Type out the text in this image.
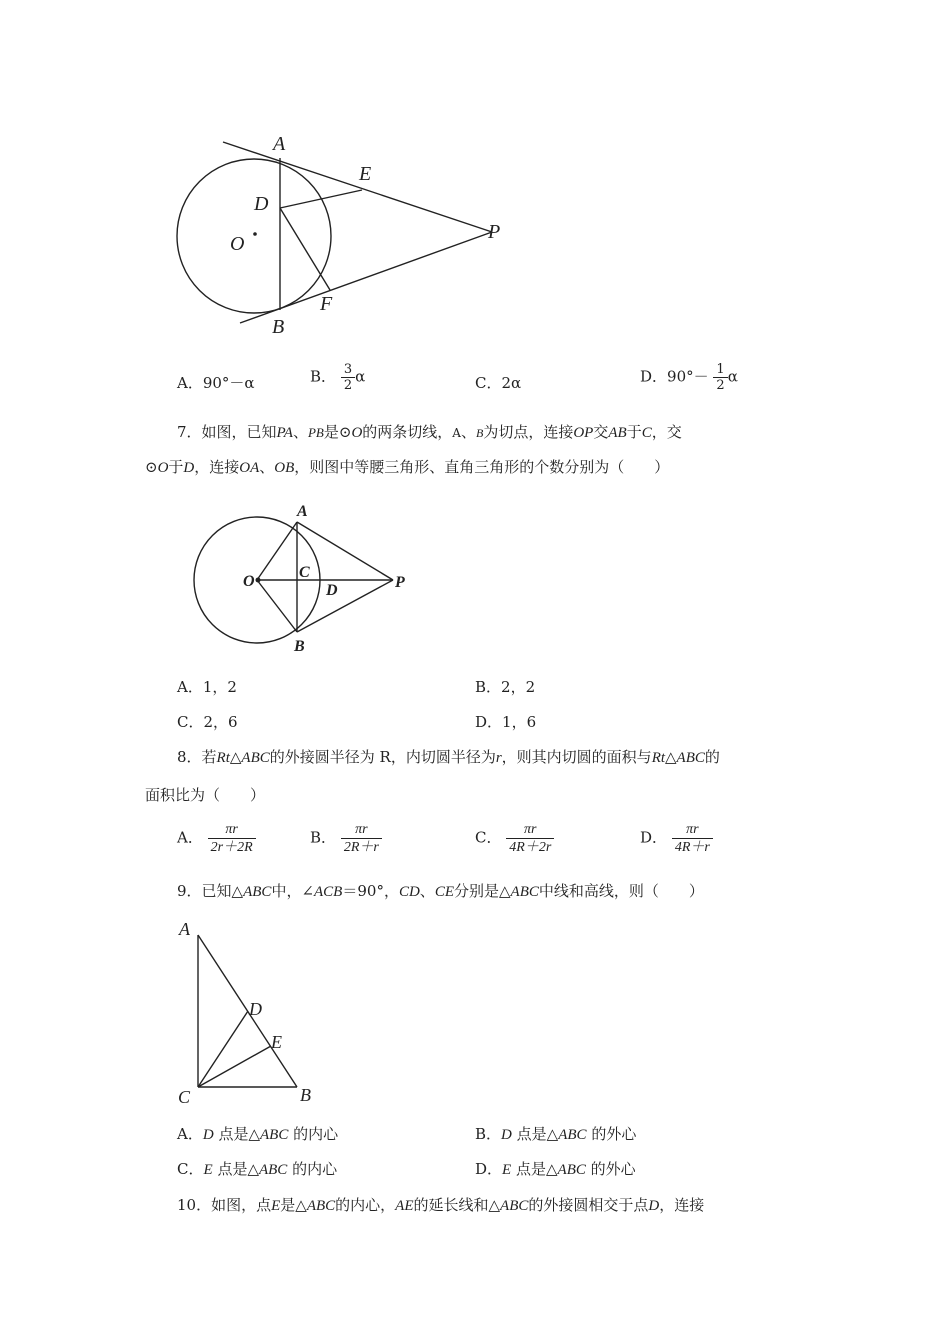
A
E
D
O
P
F
B
A．90°－α	B． $\frac{3}{2}$ α	C．2α	D．$90^\circ- \frac{1}{2}$ α
7．如图，已知PA、PB是⊙O的两条切线，A、B为切点，连接OP交AB于C，交
⊙O于D，连接OA、OB，则图中等腰三角形、直角三角形的个数分别为（　　）
A
O
C
D	P
B
A．1，2	B．2，2
C．2，6	D．1，6
8．若Rt△ABC的外接圆半径为 R，内切圆半径为r，则其内切圆的面积与Rt△ABC的
面积比为（　　）
A． $\frac{\pi r}{2r+2R}$	B． $\frac{\pi r}{2R+r}$	C． $\frac{\pi r}{4R+2r}$	D． $\frac{\pi r}{4R+r}$
9．已知△ABC中，∠ACB＝90°，CD、CE分别是△ABC中线和高线，则（　　）
A
D
E
C	B
A．D 点是△ABC 的内心	B．D 点是△ABC 的外心
C．E 点是△ABC 的内心	D．E 点是△ABC 的外心
10．如图，点E是△ABC的内心，AE的延长线和△ABC的外接圆相交于点D，连接
